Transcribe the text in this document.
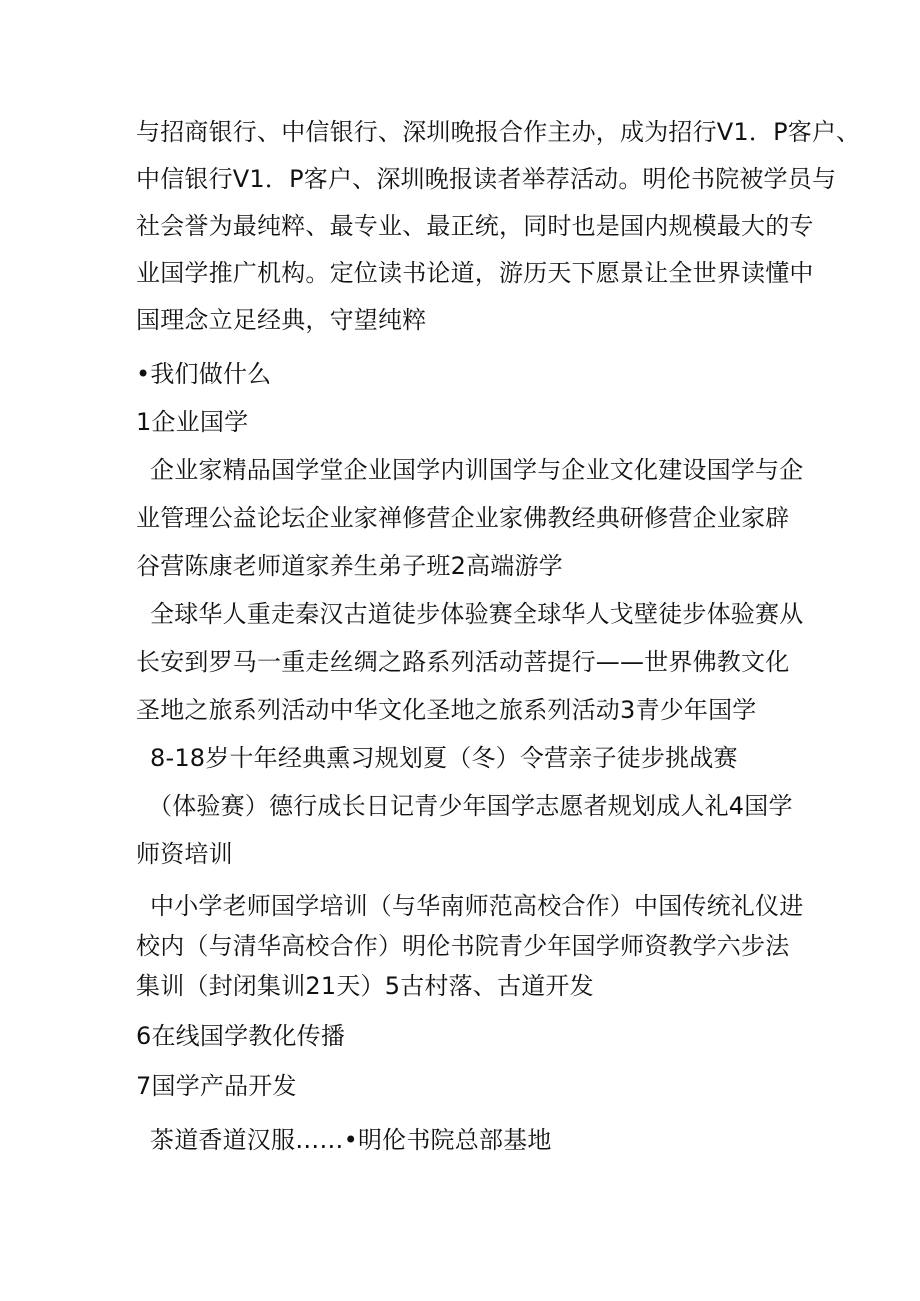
与招商银行、中信银行、深圳晚报合作主办，成为招行V1．P客户、
中信银行V1．P客户、深圳晚报读者举荐活动。明伦书院被学员与
社会誉为最纯粹、最专业、最正统，同时也是国内规模最大的专
业国学推广机构。定位读书论道，游历天下愿景让全世界读懂中
国理念立足经典，守望纯粹
•我们做什么
1企业国学
企业家精品国学堂企业国学内训国学与企业文化建设国学与企
业管理公益论坛企业家禅修营企业家佛教经典研修营企业家辟
谷营陈康老师道家养生弟子班2高端游学
全球华人重走秦汉古道徒步体验赛全球华人戈壁徒步体验赛从
长安到罗马一重走丝绸之路系列活动菩提行——世界佛教文化
圣地之旅系列活动中华文化圣地之旅系列活动3青少年国学
8-18岁十年经典熏习规划夏（冬）令营亲子徒步挑战赛
（体验赛）德行成长日记青少年国学志愿者规划成人礼4国学
师资培训
中小学老师国学培训（与华南师范高校合作）中国传统礼仪进
校内（与清华高校合作）明伦书院青少年国学师资教学六步法
集训（封闭集训21天）5古村落、古道开发
6在线国学教化传播
7国学产品开发
茶道香道汉服……•明伦书院总部基地
